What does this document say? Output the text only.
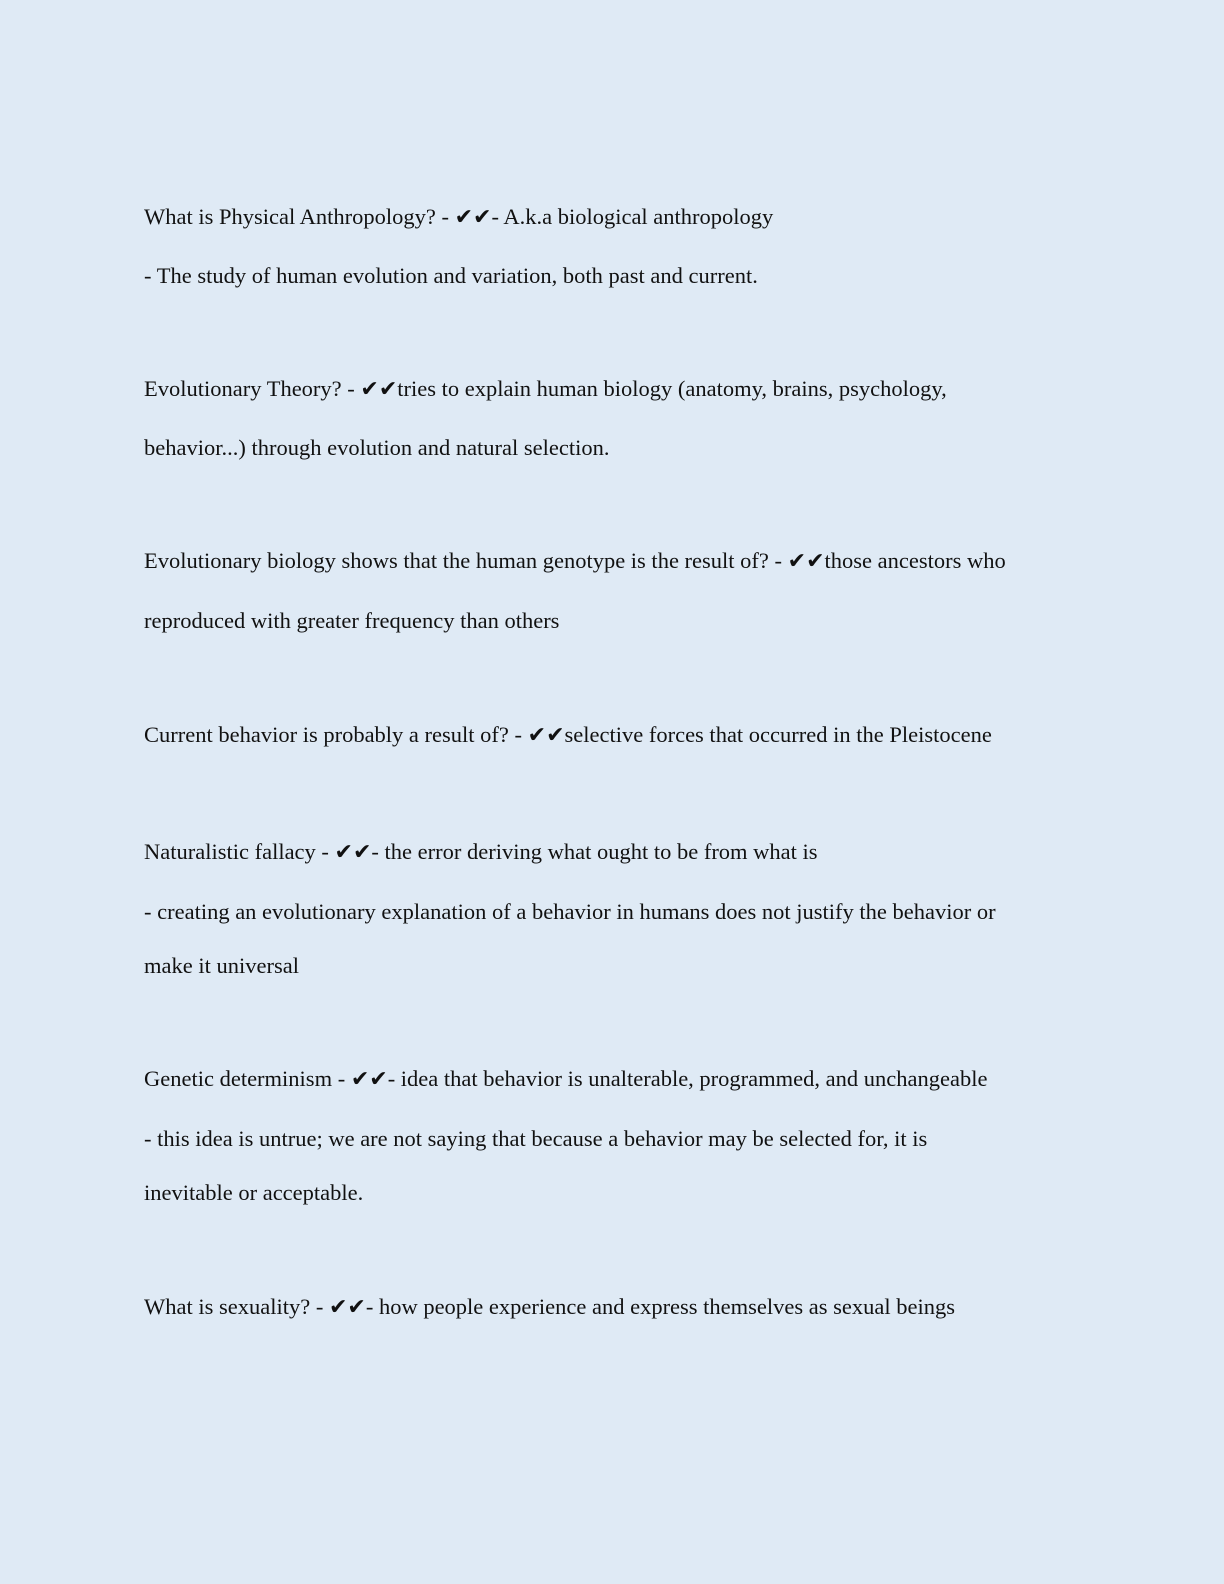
What is Physical Anthropology? - ✔✔- A.k.a biological anthropology
- The study of human evolution and variation, both past and current.
Evolutionary Theory? - ✔✔tries to explain human biology (anatomy, brains, psychology,
behavior...) through evolution and natural selection.
Evolutionary biology shows that the human genotype is the result of? - ✔✔those ancestors who
reproduced with greater frequency than others
Current behavior is probably a result of? - ✔✔selective forces that occurred in the Pleistocene
Naturalistic fallacy - ✔✔- the error deriving what ought to be from what is
- creating an evolutionary explanation of a behavior in humans does not justify the behavior or
make it universal
Genetic determinism - ✔✔- idea that behavior is unalterable, programmed, and unchangeable
- this idea is untrue; we are not saying that because a behavior may be selected for, it is
inevitable or acceptable.
What is sexuality? - ✔✔- how people experience and express themselves as sexual beings
